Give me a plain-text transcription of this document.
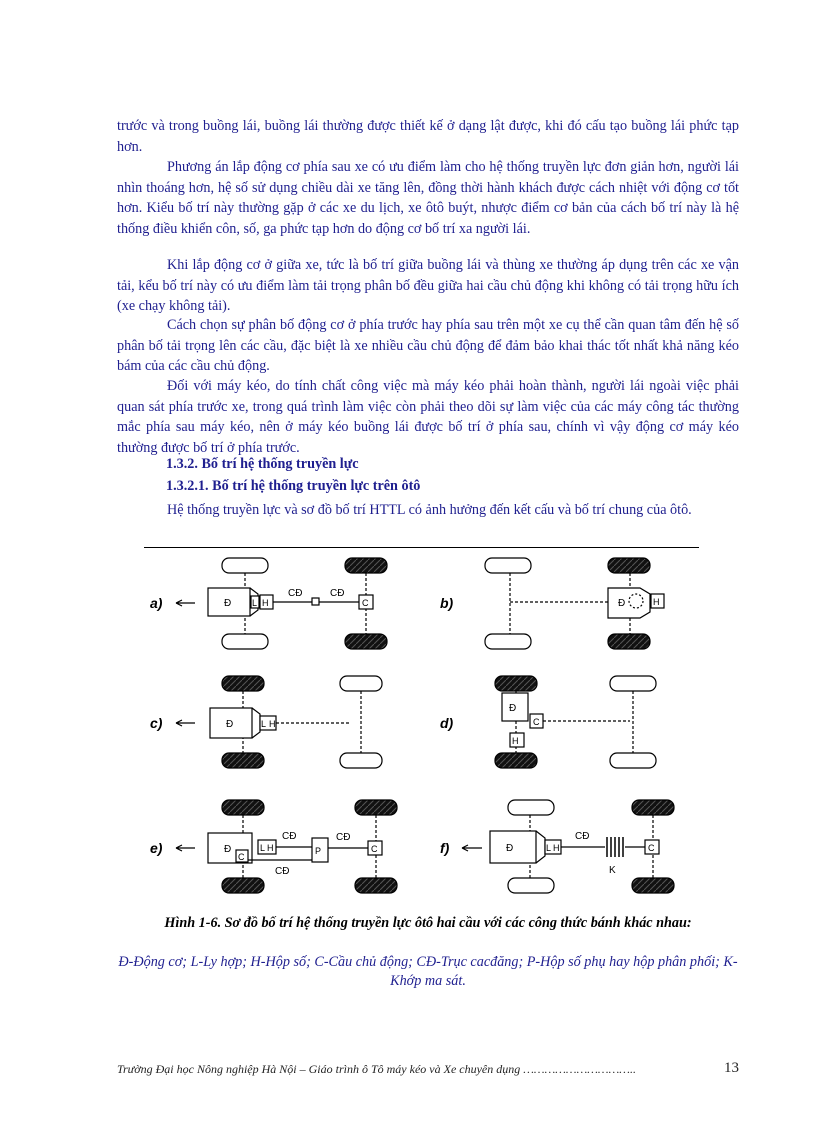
trước và trong buồng lái, buồng lái thường được thiết kế ở dạng lật được, khi đó cấu tạo buồng lái phức tạp hơn.

Phương án lắp động cơ phía sau xe có ưu điểm làm cho hệ thống truyền lực đơn giản hơn, người lái nhìn thoáng hơn, hệ số sử dụng chiều dài xe tăng lên, đồng thời hành khách được cách nhiệt với động cơ tốt hơn. Kiểu bố trí này thường gặp ở các xe du lịch, xe ôtô buýt, nhược điểm cơ bản của cách bố trí này là hệ thống điều khiển côn, số, ga phức tạp hơn do động cơ bố trí xa người lái.

Khi lắp động cơ ở giữa xe, tức là bố trí giữa buồng lái và thùng xe thường áp dụng trên các xe vận tải, kểu bố trí này có ưu điểm làm tải trọng phân bố đều giữa hai cầu chủ động khi không có tải trọng hữu ích (xe chạy không tải).

Cách chọn sự phân bố động cơ ở phía trước hay phía sau trên một xe cụ thể cần quan tâm đến hệ số phân bố tải trọng lên các cầu, đặc biệt là xe nhiều cầu chủ động để đảm bảo khai thác tốt nhất khả năng kéo bám của các cầu chủ động.

Đối với máy kéo, do tính chất công việc mà máy kéo phải hoàn thành, người lái ngoài việc phải quan sát phía trước xe, trong quá trình làm việc còn phải theo dõi sự làm việc của các máy công tác thường mắc phía sau máy kéo, nên ở máy kéo buồng lái được bố trí ở phía sau, chính vì vậy động cơ máy kéo thường được bố trí ở phía trước.

1.3.2. Bố trí hệ thống truyền lực

1.3.2.1. Bố trí hệ thống truyền lực trên ôtô

Hệ thống truyền lực và sơ đồ bố trí HTTL có ảnh hưởng đến kết cấu và bố trí chung của ôtô.

a)	Đ L H
CĐ	CĐ
C	b)	Đ	H
c)	Đ	L H	d)
Đ
C
H
e)	Đ
C
L H
CĐ
CĐ
P
CĐ
C	f)	Đ	L H
CĐ
K
C

Hình 1-6. Sơ đồ bố trí hệ thống truyền lực ôtô hai cầu với các công thức bánh khác nhau:

Đ-Động cơ; L-Ly hợp; H-Hộp số; C-Cầu chủ động; CĐ-Trục cacđăng; P-Hộp số phụ hay hộp phân phối; K-Khớp ma sát.

Trường Đại học Nông nghiệp Hà Nội – Giáo trình ô Tô máy kéo và Xe chuyên dụng …………………………..	13
